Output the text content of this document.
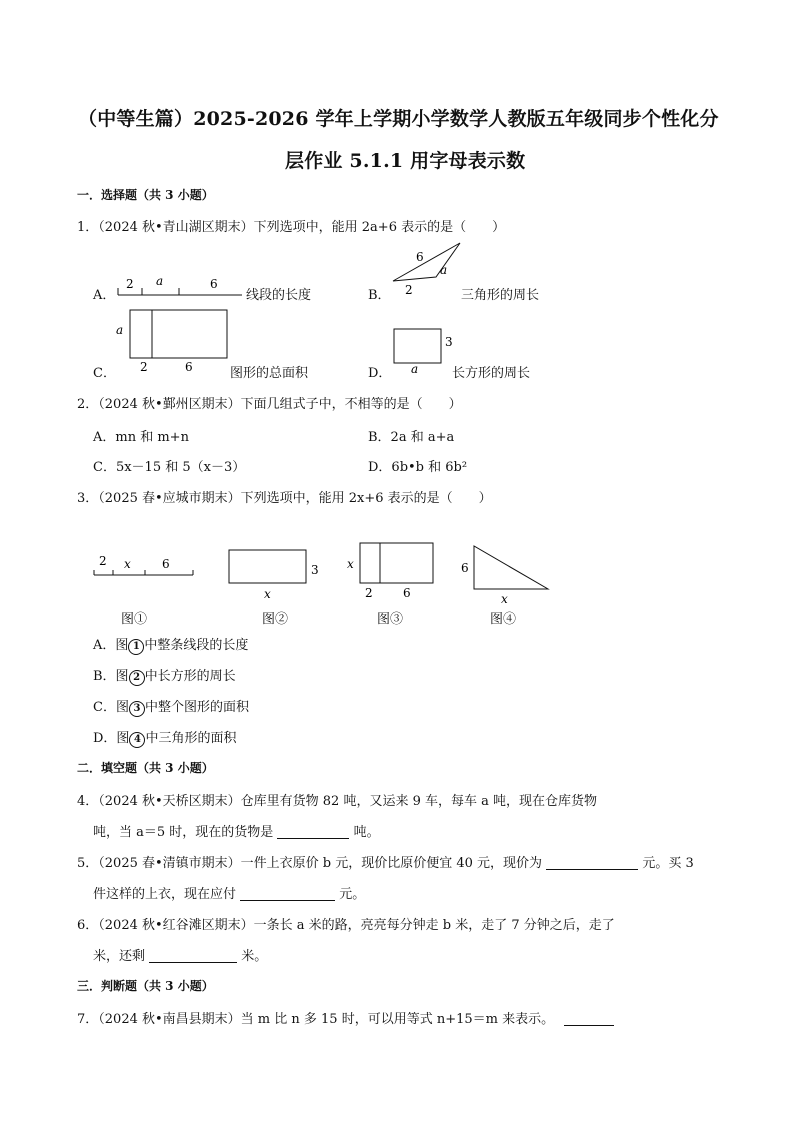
（中等生篇）2025-2026 学年上学期小学数学人教版五年级同步个性化分
层作业 5.1.1 用字母表示数
一．选择题（共 3 小题）
1．（2024 秋•青山湖区期末）下列选项中，能用 2a+6 表示的是（　　）
A．
2 a	6
线段的长度	B．
6
a
2	三角形的周长
C．
a
2	6	图形的总面积	D．
3
a	长方形的周长
2．（2024 秋•鄞州区期末）下面几组式子中，不相等的是（　　）
A．mn 和 m+n	B．2a 和 a+a
C．5x－15 和 5（x－3）	D．6b•b 和 6b²
3．（2025 春•应城市期末）下列选项中，能用 2x+6 表示的是（　　）
2 x	6
图①
3
x
图②
x
2	6
图③
6
x
图④
A．图 1 中整条线段的长度
B．图 2 中长方形的周长
C．图 3 中整个图形的面积
D．图 4 中三角形的面积
二．填空题（共 3 小题）
4．（2024 秋•天桥区期末）仓库里有货物 82 吨，又运来 9 车，每车 a 吨，现在仓库货物
吨，当 a＝5 时，现在的货物是	吨。
5．（2025 春•清镇市期末）一件上衣原价 b 元，现价比原价便宜 40 元，现价为	元。买 3
件这样的上衣，现在应付	元。
6．（2024 秋•红谷滩区期末）一条长 a 米的路，亮亮每分钟走 b 米，走了 7 分钟之后，走了
米，还剩	米。
三．判断题（共 3 小题）
7．（2024 秋•南昌县期末）当 m 比 n 多 15 时，可以用等式 n+15＝m 来表示。
